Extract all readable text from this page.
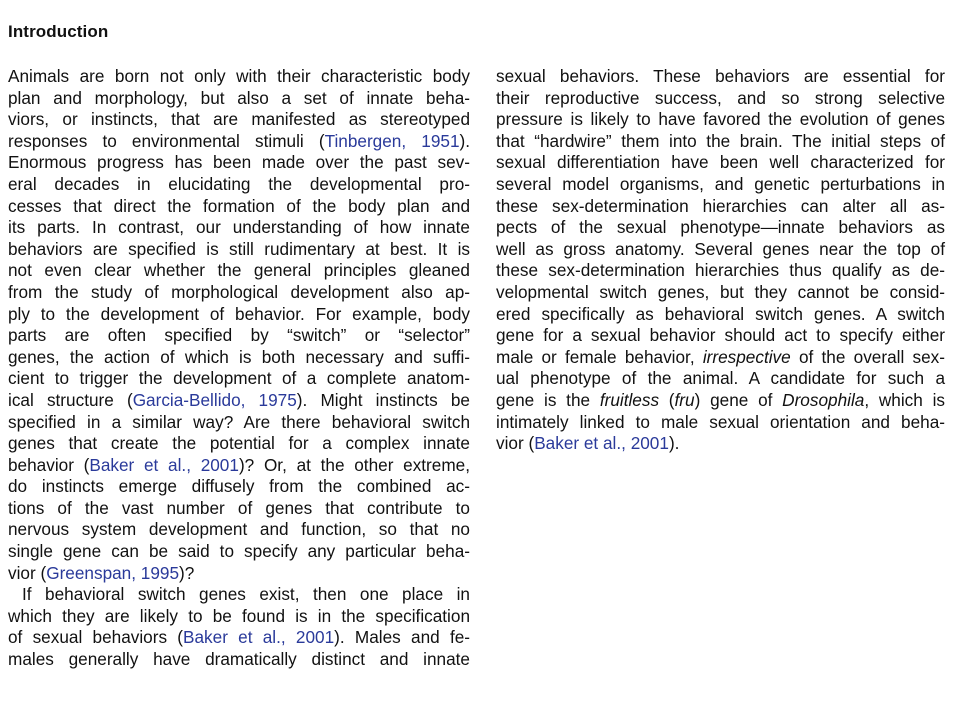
Introduction
Animals are born not only with their characteristic body
plan and morphology, but also a set of innate beha-
viors, or instincts, that are manifested as stereotyped
responses to environmental stimuli (Tinbergen, 1951).
Enormous progress has been made over the past sev-
eral decades in elucidating the developmental pro-
cesses that direct the formation of the body plan and
its parts. In contrast, our understanding of how innate
behaviors are specified is still rudimentary at best. It is
not even clear whether the general principles gleaned
from the study of morphological development also ap-
ply to the development of behavior. For example, body
parts are often specified by “switch” or “selector”
genes, the action of which is both necessary and suffi-
cient to trigger the development of a complete anatom-
ical structure (Garcia-Bellido, 1975). Might instincts be
specified in a similar way? Are there behavioral switch
genes that create the potential for a complex innate
behavior (Baker et al., 2001)? Or, at the other extreme,
do instincts emerge diffusely from the combined ac-
tions of the vast number of genes that contribute to
nervous system development and function, so that no
single gene can be said to specify any particular beha-
vior (Greenspan, 1995)?
If behavioral switch genes exist, then one place in
which they are likely to be found is in the specification
of sexual behaviors (Baker et al., 2001). Males and fe-
males generally have dramatically distinct and innate
sexual behaviors. These behaviors are essential for
their reproductive success, and so strong selective
pressure is likely to have favored the evolution of genes
that “hardwire” them into the brain. The initial steps of
sexual differentiation have been well characterized for
several model organisms, and genetic perturbations in
these sex-determination hierarchies can alter all as-
pects of the sexual phenotype—innate behaviors as
well as gross anatomy. Several genes near the top of
these sex-determination hierarchies thus qualify as de-
velopmental switch genes, but they cannot be consid-
ered specifically as behavioral switch genes. A switch
gene for a sexual behavior should act to specify either
male or female behavior, irrespective of the overall sex-
ual phenotype of the animal. A candidate for such a
gene is the fruitless (fru) gene of Drosophila, which is
intimately linked to male sexual orientation and beha-
vior (Baker et al., 2001).
